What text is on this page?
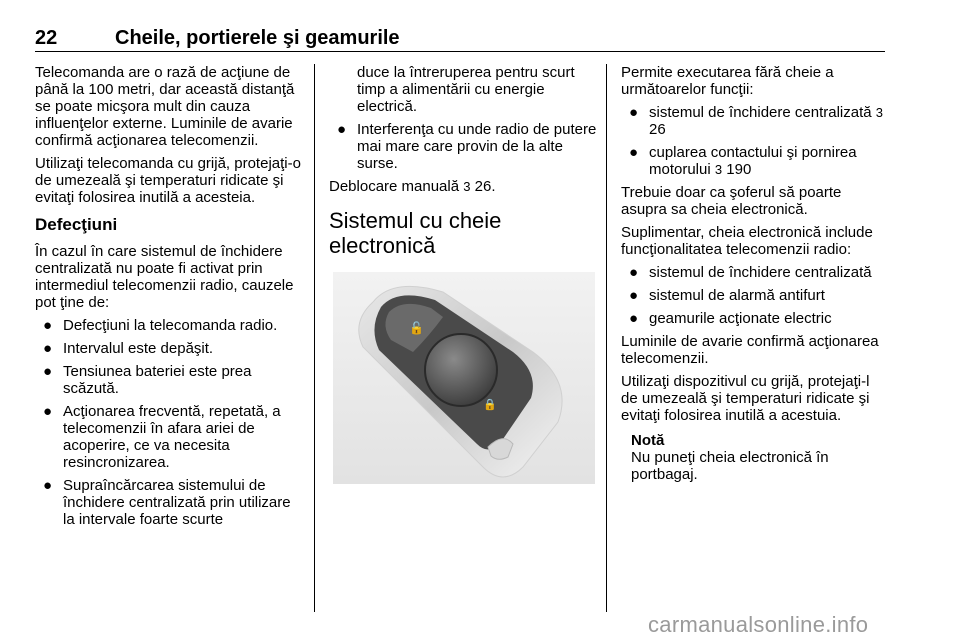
22	Cheile, portierele şi geamurile

Telecomanda are o rază de acţiune de până la 100 metri, dar această distanţă se poate micşora mult din cauza influenţelor externe. Luminile de avarie confirmă acţionarea telecomenzii.

Utilizaţi telecomanda cu grijă, protejaţi-o de umezeală şi temperaturi ridicate şi evitaţi folosirea inutilă a acesteia.

Defecţiuni

În cazul în care sistemul de închidere centralizată nu poate fi activat prin intermediul telecomenzii radio, cauzele pot ţine de:

● Defecţiuni la telecomanda radio.
● Intervalul este depăşit.
● Tensiunea bateriei este prea scăzută.
● Acţionarea frecventă, repetată, a telecomenzii în afara ariei de acoperire, ce va necesita resincronizarea.
● Supraîncărcarea sistemului de închidere centralizată prin utilizare la intervale foarte scurte

duce la întreruperea pentru scurt timp a alimentării cu energie electrică.

● Interferenţa cu unde radio de putere mai mare care provin de la alte surse.

Deblocare manuală 3 26.

Sistemul cu cheie electronică
🔓
🔒

Permite executarea fără cheie a următoarelor funcţii:

● sistemul de închidere centralizată 3 26
● cuplarea contactului şi pornirea motorului 3 190

Trebuie doar ca şoferul să poarte asupra sa cheia electronică.

Suplimentar, cheia electronică include funcţionalitatea telecomenzii radio:

● sistemul de închidere centralizată
● sistemul de alarmă antifurt
● geamurile acţionate electric

Luminile de avarie confirmă acţionarea telecomenzii.

Utilizaţi dispozitivul cu grijă, protejaţi-l de umezeală şi temperaturi ridicate şi evitaţi folosirea inutilă a acestuia.

Notă
Nu puneţi cheia electronică în portbagaj.
carmanualsonline.info
